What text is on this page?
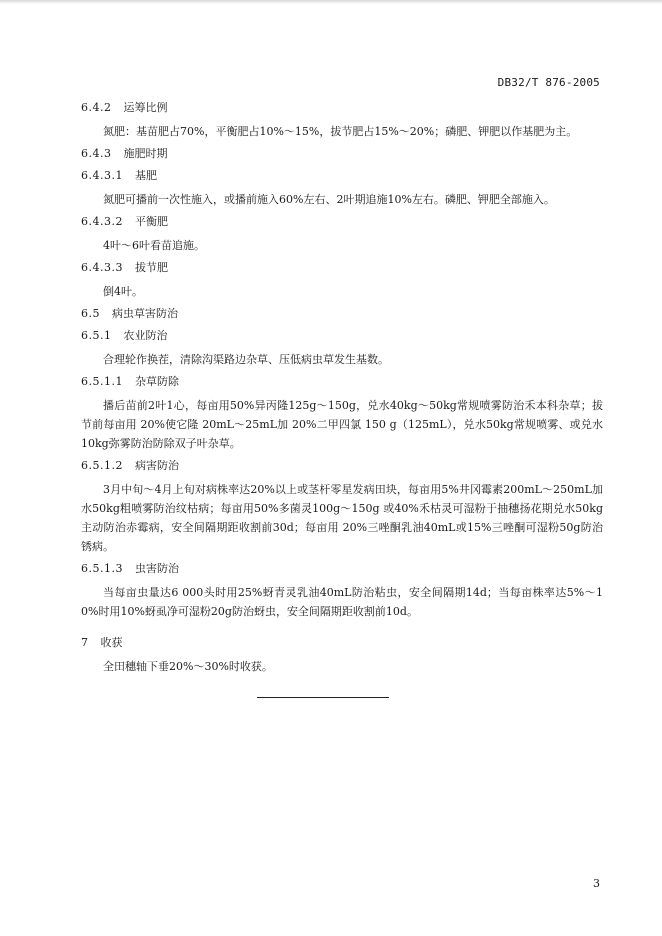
DB32/T 876-2005
6.4.2 运筹比例
氮肥：基苗肥占70%，平衡肥占10%～15%，拔节肥占15%～20%；磷肥、钾肥以作基肥为主。
6.4.3 施肥时期
6.4.3.1 基肥
氮肥可播前一次性施入，或播前施入60%左右、2叶期追施10%左右。磷肥、钾肥全部施入。
6.4.3.2 平衡肥
4叶～6叶看苗追施。
6.4.3.3 拔节肥
倒4叶。
6.5 病虫草害防治
6.5.1 农业防治
合理轮作换茬，清除沟渠路边杂草、压低病虫草发生基数。
6.5.1.1 杂草防除
播后苗前2叶1心，每亩用50%异丙隆125g～150g，兑水40kg～50kg常规喷雾防治禾本科杂草；拔节前每亩用 20%使它隆 20mL～25mL加 20%二甲四氯 150 g（125mL），兑水50kg常规喷雾、或兑水10kg弥雾防治防除双子叶杂草。
6.5.1.2 病害防治
3月中旬～4月上旬对病株率达20%以上或茎杆零星发病田块，每亩用5%井冈霉素200mL～250mL加水50kg粗喷雾防治纹枯病；每亩用50%多菌灵100g～150g 或40%禾枯灵可湿粉于抽穗扬花期兑水50kg主动防治赤霉病，安全间隔期距收割前30d；每亩用 20%三唑酮乳油40mL或15%三唑酮可湿粉50g防治锈病。
6.5.1.3 虫害防治
当每亩虫量达6 000头时用25%蚜青灵乳油40mL防治粘虫，安全间隔期14d；当每亩株率达5%～10%时用10%蚜虱净可湿粉20g防治蚜虫，安全间隔期距收割前10d。
7 收获
全田穗轴下垂20%～30%时收获。
3
